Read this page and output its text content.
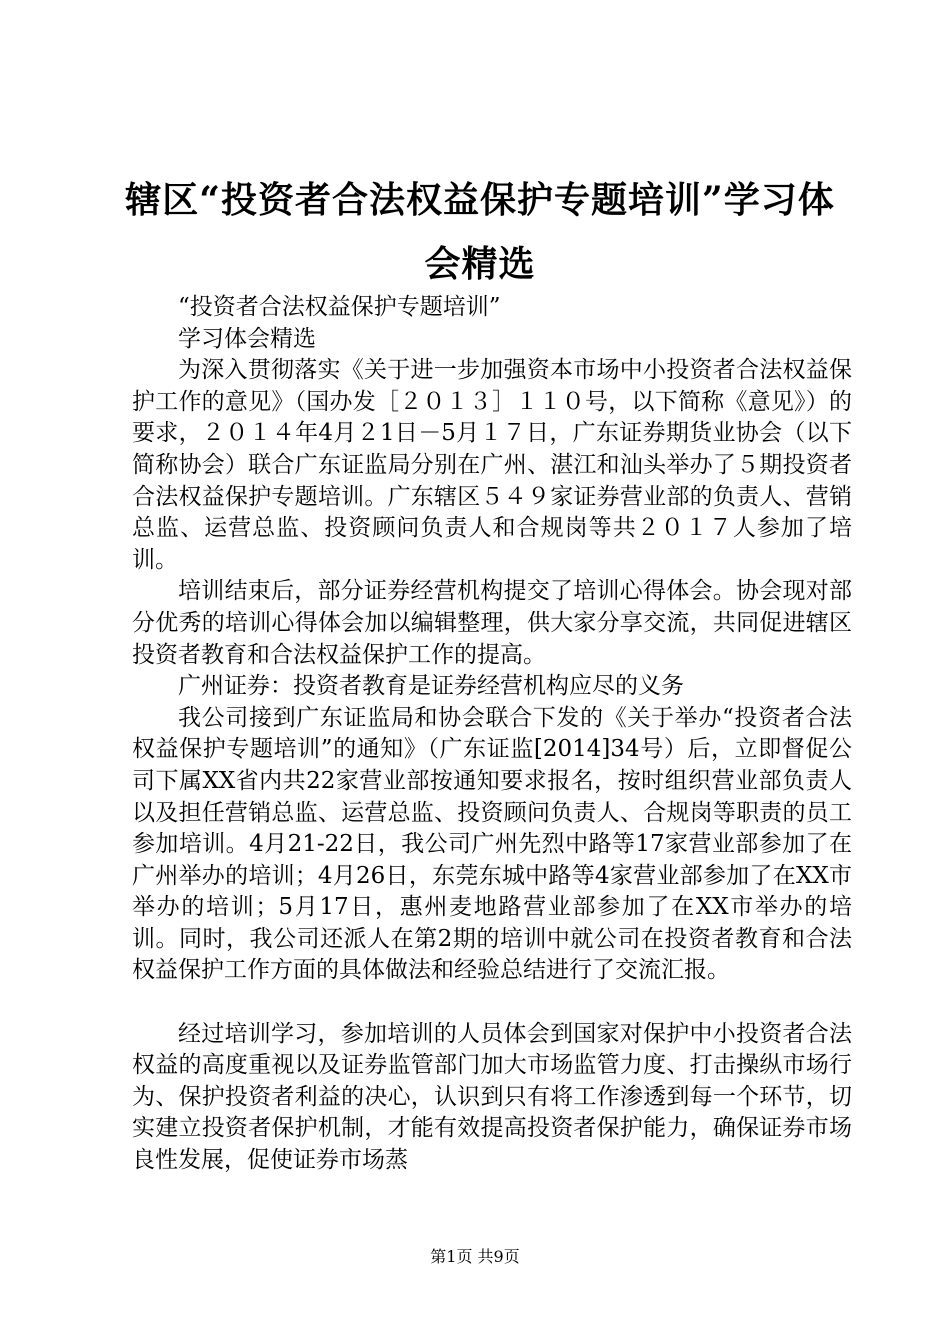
辖区“投资者合法权益保护专题培训”学习体会精选

“投资者合法权益保护专题培训”

学习体会精选

为深入贯彻落实《关于进一步加强资本市场中小投资者合法权益保护工作的意见》（国办发［２０１３］１１０号，以下简称《意见》）的要求，２０１４年4月２1日－5月１７日，广东证券期货业协会（以下简称协会）联合广东证监局分别在广州、湛江和汕头举办了５期投资者合法权益保护专题培训。广东辖区５４９家证券营业部的负责人、营销总监、运营总监、投资顾问负责人和合规岗等共２０１７人参加了培训。

培训结束后，部分证券经营机构提交了培训心得体会。协会现对部分优秀的培训心得体会加以编辑整理，供大家分享交流，共同促进辖区投资者教育和合法权益保护工作的提高。

广州证券：投资者教育是证券经营机构应尽的义务

我公司接到广东证监局和协会联合下发的《关于举办“投资者合法权益保护专题培训”的通知》（广东证监[2014]34号）后，立即督促公司下属XX省内共22家营业部按通知要求报名，按时组织营业部负责人以及担任营销总监、运营总监、投资顾问负责人、合规岗等职责的员工参加培训。4月21-22日，我公司广州先烈中路等17家营业部参加了在广州举办的培训；4月26日，东莞东城中路等4家营业部参加了在XX市举办的培训；5月17日，惠州麦地路营业部参加了在XX市举办的培训。同时，我公司还派人在第2期的培训中就公司在投资者教育和合法权益保护工作方面的具体做法和经验总结进行了交流汇报。

经过培训学习，参加培训的人员体会到国家对保护中小投资者合法权益的高度重视以及证券监管部门加大市场监管力度、打击操纵市场行为、保护投资者利益的决心，认识到只有将工作渗透到每一个环节，切实建立投资者保护机制，才能有效提高投资者保护能力，确保证券市场良性发展，促使证券市场蒸

第1页 共9页
